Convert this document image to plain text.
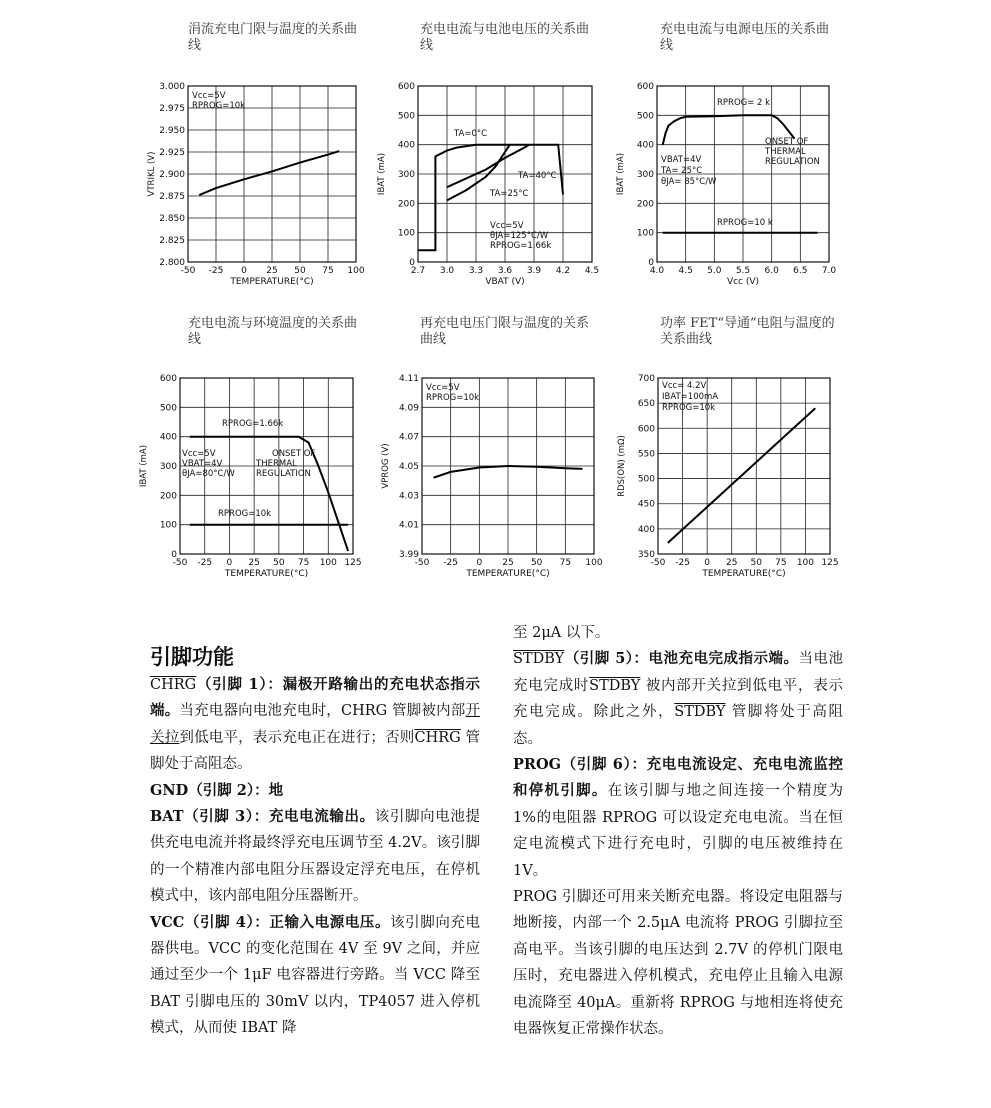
涓流充电门限与温度的关系曲线
充电电流与电池电压的关系曲线
充电电流与电源电压的关系曲线
充电电流与环境温度的关系曲线
再充电电压门限与温度的关系曲线
功率 FET“导通”电阻与温度的关系曲线
-50 -25 0 25 50 75 100
3.000
2.975
2.950
2.925
2.900
2.875
2.850
2.825
2.800
TEMPERATURE(°C)
VTRIKL (V)
Vcc=5V
RPROG=10k
2.7 3.0 3.3 3.6 3.9 4.2 4.5
600
500
400
300
200
100
0
VBAT (V)
IBAT (mA)
TA=0°C
TA=40°C
TA=25°C
Vcc=5V
θJA=125°C/W
RPROG=1.66k
4.0 4.5 5.0 5.5 6.0 6.5 7.0
600
500
400
300
200
100
0
Vcc (V)
IBAT (mA)
RPROG= 2 k
ONSET OF
THERMAL
REGULATION
VBAT=4V
TA= 25°C
θJA= 85°C/W
RPROG=10 k
-50 -25 0 25 50 75 100 125
600
500
400
300
200
100
0
TEMPERATURE(°C)
IBAT (mA)
RPROG=1.66k
Vcc=5V
VBAT=4V
θJA=80°C/W
ONSET OF
THERMAL
REGULATION
RPROG=10k
-50 -25 0 25 50 75 100
4.11
4.09
4.07
4.05
4.03
4.01
3.99
TEMPERATURE(°C)
VPROG (V)
Vcc=5V
RPROG=10k
-50 -25 0 25 50 75 100 125
700
650
600
550
500
450
400
350
TEMPERATURE(°C)
RDS(ON) (mΩ)
Vcc= 4.2V
IBAT=100mA
RPROG=10k

引脚功能

CHRG（引脚 1）：漏极开路输出的充电状态指示端。当充电器向电池充电时，CHRG 管脚被内部开关拉到低电平，表示充电正在进行；否则CHRG 管脚处于高阻态。

GND（引脚 2）：地

BAT（引脚 3）：充电电流输出。该引脚向电池提供充电电流并将最终浮充电压调节至 4.2V。该引脚的一个精准内部电阻分压器设定浮充电压，在停机模式中，该内部电阻分压器断开。

VCC（引脚 4）：正输入电源电压。该引脚向充电器供电。VCC 的变化范围在 4V 至 9V 之间，并应通过至少一个 1μF 电容器进行旁路。当 VCC 降至 BAT 引脚电压的 30mV 以内，TP4057 进入停机模式，从而使 IBAT 降

至 2μA 以下。

STDBY（引脚 5）：电池充电完成指示端。当电池充电完成时STDBY 被内部开关拉到低电平，表示充电完成。除此之外，STDBY 管脚将处于高阻态。

PROG（引脚 6）：充电电流设定、充电电流监控和停机引脚。在该引脚与地之间连接一个精度为 1%的电阻器 RPROG 可以设定充电电流。当在恒定电流模式下进行充电时，引脚的电压被维持在 1V。

PROG 引脚还可用来关断充电器。将设定电阻器与地断接，内部一个 2.5μA 电流将 PROG 引脚拉至高电平。当该引脚的电压达到 2.7V 的停机门限电压时，充电器进入停机模式，充电停止且输入电源电流降至 40μA。重新将 RPROG 与地相连将使充电器恢复正常操作状态。
